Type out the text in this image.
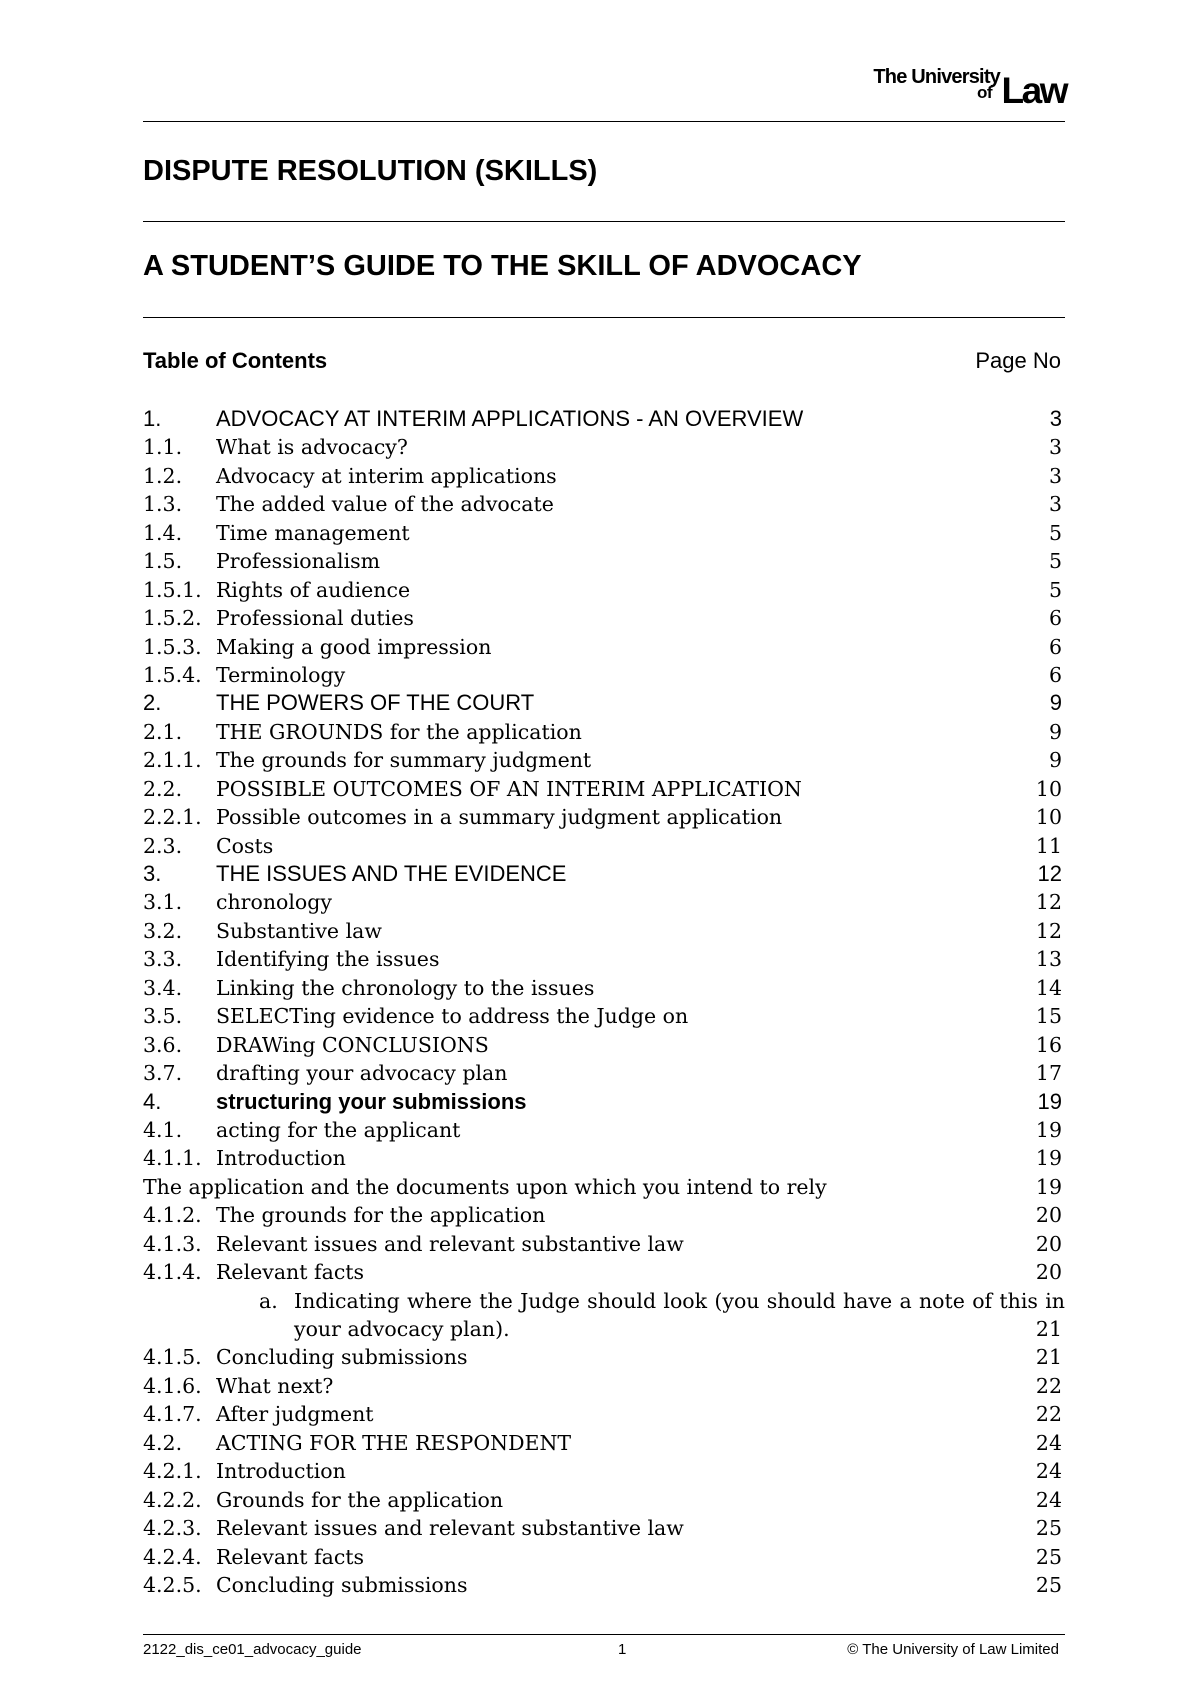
The University
of Law
DISPUTE RESOLUTION (SKILLS)
A STUDENT’S GUIDE TO THE SKILL OF ADVOCACY
Table of Contents	Page No
1. ADVOCACY AT INTERIM APPLICATIONS - AN OVERVIEW	3
1.1. What is advocacy?	3
1.2. Advocacy at interim applications	3
1.3. The added value of the advocate	3
1.4. Time management	5
1.5. Professionalism	5
1.5.1. Rights of audience	5
1.5.2. Professional duties	6
1.5.3. Making a good impression	6
1.5.4. Terminology	6
2. THE POWERS OF THE COURT	9
2.1. THE GROUNDS for the application	9
2.1.1. The grounds for summary judgment	9
2.2. POSSIBLE OUTCOMES OF AN INTERIM APPLICATION	10
2.2.1. Possible outcomes in a summary judgment application	10
2.3. Costs	11
3. THE ISSUES AND THE EVIDENCE	12
3.1. chronology	12
3.2. Substantive law	12
3.3. Identifying the issues	13
3.4. Linking the chronology to the issues	14
3.5. SELECTing evidence to address the Judge on	15
3.6. DRAWing CONCLUSIONS	16
3.7. drafting your advocacy plan	17
4. structuring your submissions	19
4.1. acting for the applicant	19
4.1.1. Introduction	19
The application and the documents upon which you intend to rely	19
4.1.2. The grounds for the application	20
4.1.3. Relevant issues and relevant substantive law	20
4.1.4. Relevant facts	20
a. Indicating where the Judge should look (you should have a note of this in
your advocacy plan).	21
4.1.5. Concluding submissions	21
4.1.6. What next?	22
4.1.7. After judgment	22
4.2. ACTING FOR THE RESPONDENT	24
4.2.1. Introduction	24
4.2.2. Grounds for the application	24
4.2.3. Relevant issues and relevant substantive law	25
4.2.4. Relevant facts	25
4.2.5. Concluding submissions	25
2122_dis_ce01_advocacy_guide	1	© The University of Law Limited
